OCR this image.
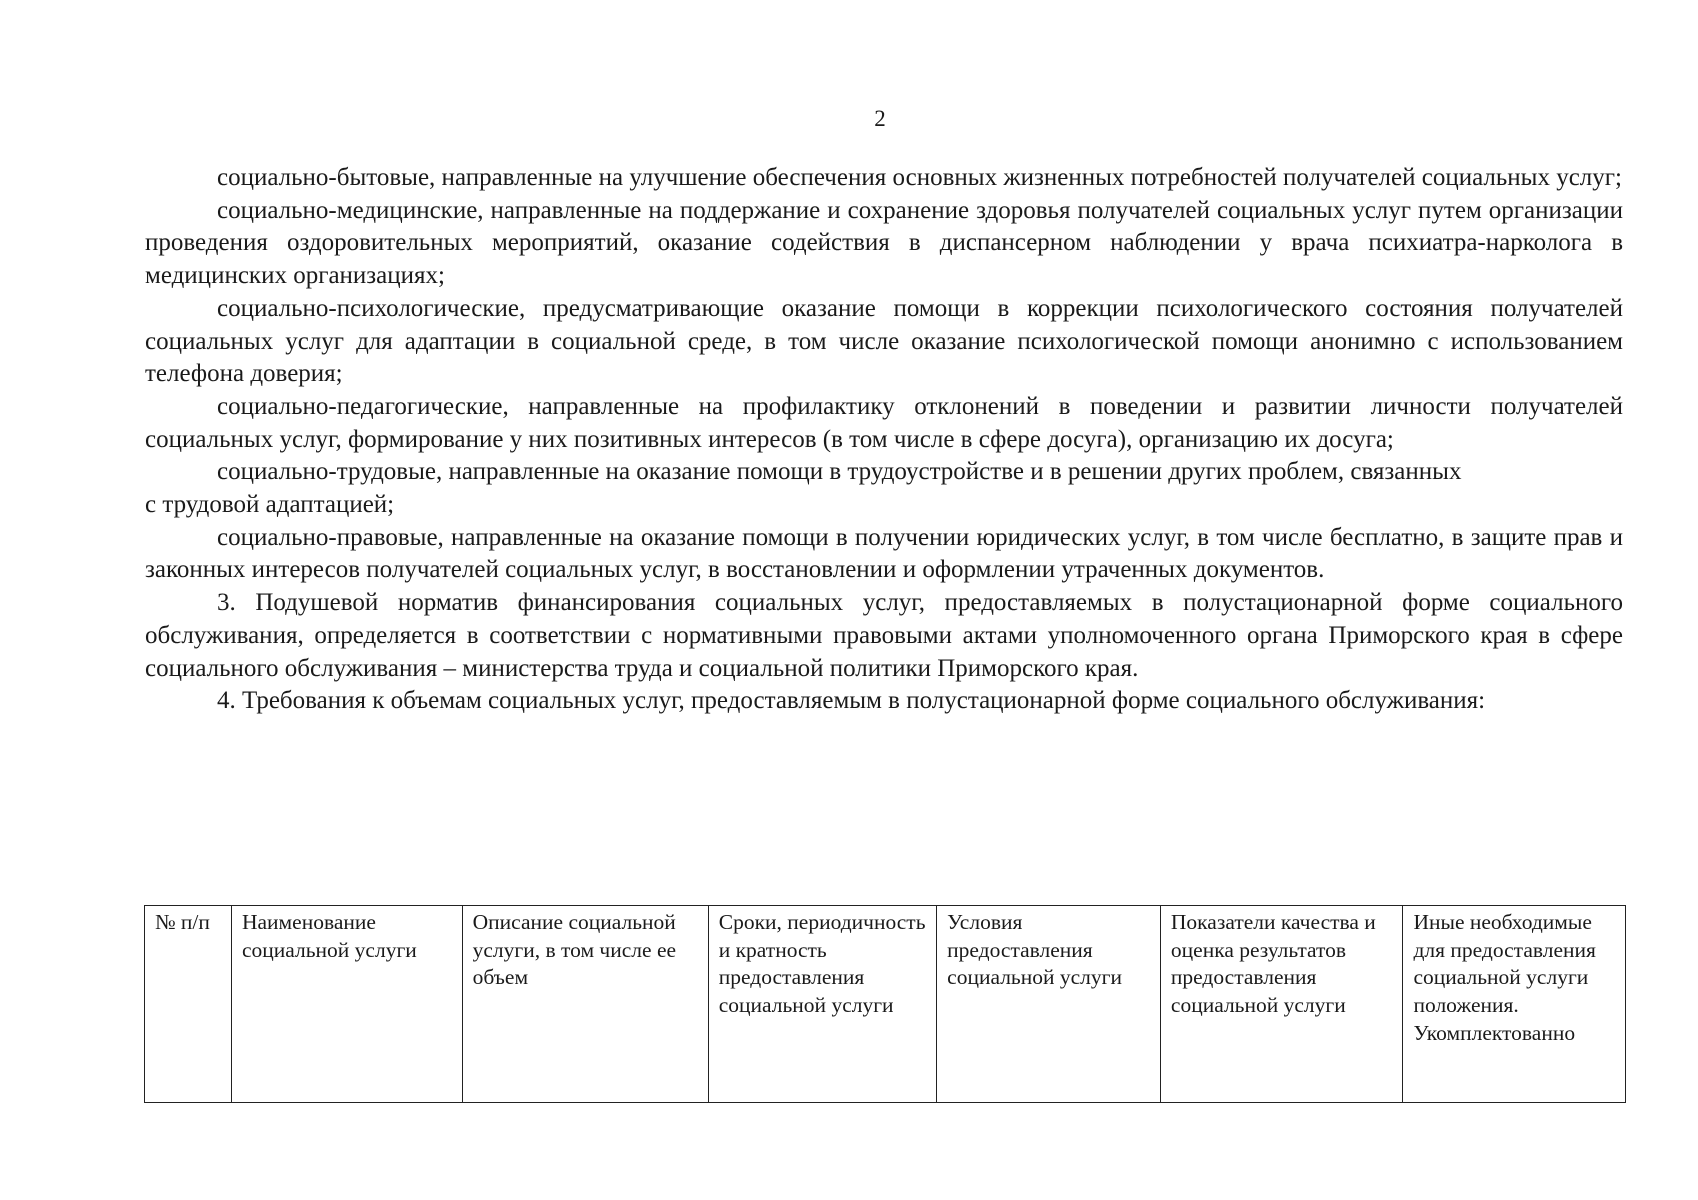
2

социально-бытовые, направленные на улучшение обеспечения основных жизненных потребностей получателей социальных услуг;

социально-медицинские, направленные на поддержание и сохранение здоровья получателей социальных услуг путем организации проведения оздоровительных мероприятий, оказание содействия в диспансерном наблюдении у врача психиатра-нарколога в медицинских организациях;

социально-психологические, предусматривающие оказание помощи в коррекции психологического состояния получателей социальных услуг для адаптации в социальной среде, в том числе оказание психологической помощи анонимно с использованием телефона доверия;

социально-педагогические, направленные на профилактику отклонений в поведении и развитии личности получателей социальных услуг, формирование у них позитивных интересов (в том числе в сфере досуга), организацию их досуга;

социально-трудовые, направленные на оказание помощи в трудоустройстве и в решении других проблем, связанных

с трудовой адаптацией;

социально-правовые, направленные на оказание помощи в получении юридических услуг, в том числе бесплатно, в защите прав и законных интересов получателей социальных услуг, в восстановлении и оформлении утраченных документов.

3. Подушевой норматив финансирования социальных услуг, предоставляемых в полустационарной форме социального обслуживания, определяется в соответствии с нормативными правовыми актами уполномоченного органа Приморского края в сфере социального обслуживания – министерства труда и социальной политики Приморского края.

4. Требования к объемам социальных услуг, предоставляемым в полустационарной форме социального обслуживания:

№ п/п	Наименование социальной услуги	Описание социальной услуги, в том числе ее объем	Сроки, периодичность и кратность предоставления социальной услуги	Условия предоставления социальной услуги	Показатели качества и оценка результатов предоставления социальной услуги	Иные необходимые для предоставления социальной услуги положения. Укомплектованно
